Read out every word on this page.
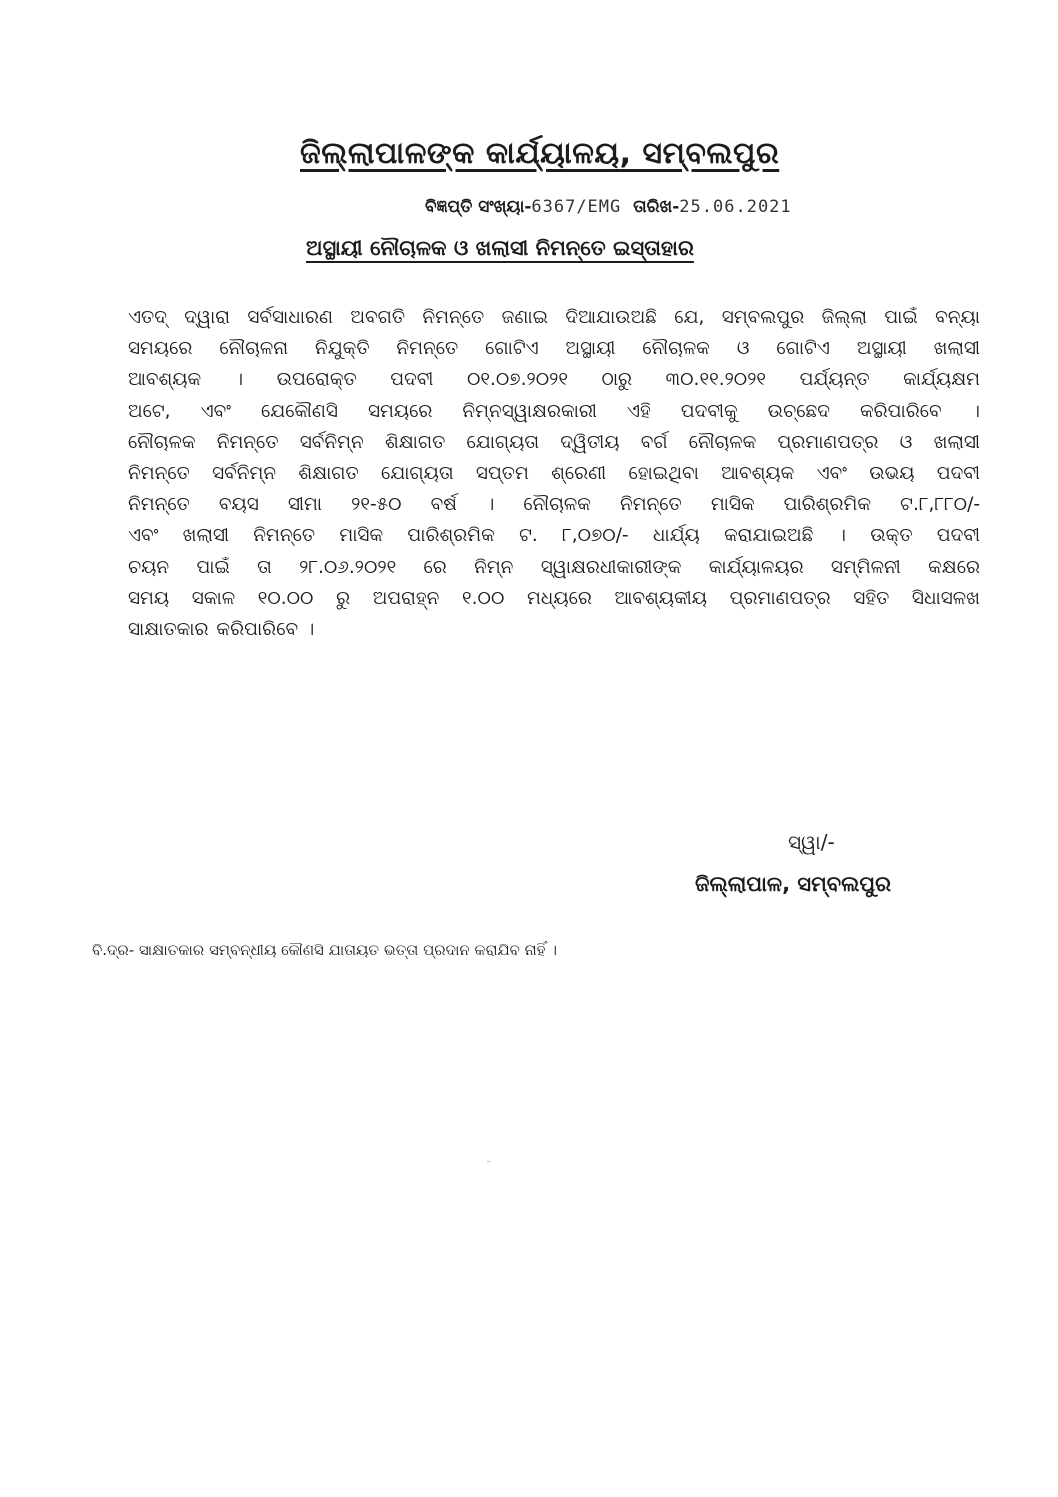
ଜିଲ୍ଲାପାଳଙ୍କ କାର୍ଯ୍ୟାଳୟ, ସମ୍ବଲପୁର
ବିଜ୍ଞପ୍ତି ସଂଖ୍ୟା-6367/EMG ତାରିଖ-25.06.2021
ଅସ୍ଥାୟୀ ନୌଚାଳକ ଓ ଖଲାସୀ ନିମନ୍ତେ ଇସ୍ତାହାର
ଏତଦ୍ ଦ୍ୱାରା ସର୍ବସାଧାରଣ ଅବଗତି ନିମନ୍ତେ ଜଣାଇ ଦିଆଯାଉଅଛି ଯେ, ସମ୍ବଲପୁର ଜିଲ୍ଲା ପାଇଁ ବନ୍ୟା
ସମୟରେ ନୌଚାଳନା ନିଯୁକ୍ତି ନିମନ୍ତେ ଗୋଟିଏ ଅସ୍ଥାୟୀ ନୌଚାଳକ ଓ ଗୋଟିଏ ଅସ୍ଥାୟୀ ଖଲାସୀ
ଆବଶ୍ୟକ । ଉପରୋକ୍ତ ପଦବୀ ୦୧.୦୭.୨୦୨୧ ଠାରୁ ୩୦.୧୧.୨୦୨୧ ପର୍ଯ୍ୟନ୍ତ କାର୍ଯ୍ୟକ୍ଷମ
ଅଟେ, ଏବଂ ଯେକୌଣସି ସମୟରେ ନିମ୍ନସ୍ୱାକ୍ଷରକାରୀ ଏହି ପଦବୀକୁ ଉଚ୍ଛେଦ କରିପାରିବେ ।
ନୌଚାଳକ ନିମନ୍ତେ ସର୍ବନିମ୍ନ ଶିକ୍ଷାଗତ ଯୋଗ୍ୟତା ଦ୍ୱିତୀୟ ବର୍ଗ ନୌଚାଳକ ପ୍ରମାଣପତ୍ର ଓ ଖଲାସୀ
ନିମନ୍ତେ ସର୍ବନିମ୍ନ ଶିକ୍ଷାଗତ ଯୋଗ୍ୟତା ସପ୍ତମ ଶ୍ରେଣୀ ହୋଇଥିବା ଆବଶ୍ୟକ ଏବଂ ଉଭୟ ପଦବୀ
ନିମନ୍ତେ ବୟସ ସୀମା ୨୧-୫୦ ବର୍ଷ । ନୌଚାଳକ ନିମନ୍ତେ ମାସିକ ପାରିଶ୍ରମିକ ଟ.୮,୮୮୦/-
ଏବଂ ଖଲାସୀ ନିମନ୍ତେ ମାସିକ ପାରିଶ୍ରମିକ ଟ. ୮,୦୭୦/- ଧାର୍ଯ୍ୟ କରାଯାଇଅଛି । ଉକ୍ତ ପଦବୀ
ଚୟନ ପାଇଁ ତା ୨୮.୦୬.୨୦୨୧ ରେ ନିମ୍ନ ସ୍ୱାକ୍ଷରଧୀକାରୀଙ୍କ କାର୍ଯ୍ୟାଳୟର ସମ୍ମିଳନୀ କକ୍ଷରେ
ସମୟ ସକାଳ ୧୦.୦୦ ରୁ ଅପରାହ୍ନ ୧.୦୦ ମଧ୍ୟରେ ଆବଶ୍ୟକୀୟ ପ୍ରମାଣପତ୍ର ସହିତ ସିଧାସଳଖ
ସାକ୍ଷାତକାର କରିପାରିବେ ।
ସ୍ୱା/-
ଜିଲ୍ଲାପାଳ, ସମ୍ବଲପୁର
ବି.ଦ୍ର- ସାକ୍ଷାତକାର ସମ୍ବନ୍ଧୀୟ କୌଣସି ଯାତାୟତ ଭତ୍ତା ପ୍ରଦାନ କରାଯିବ ନାହିଁ ।
